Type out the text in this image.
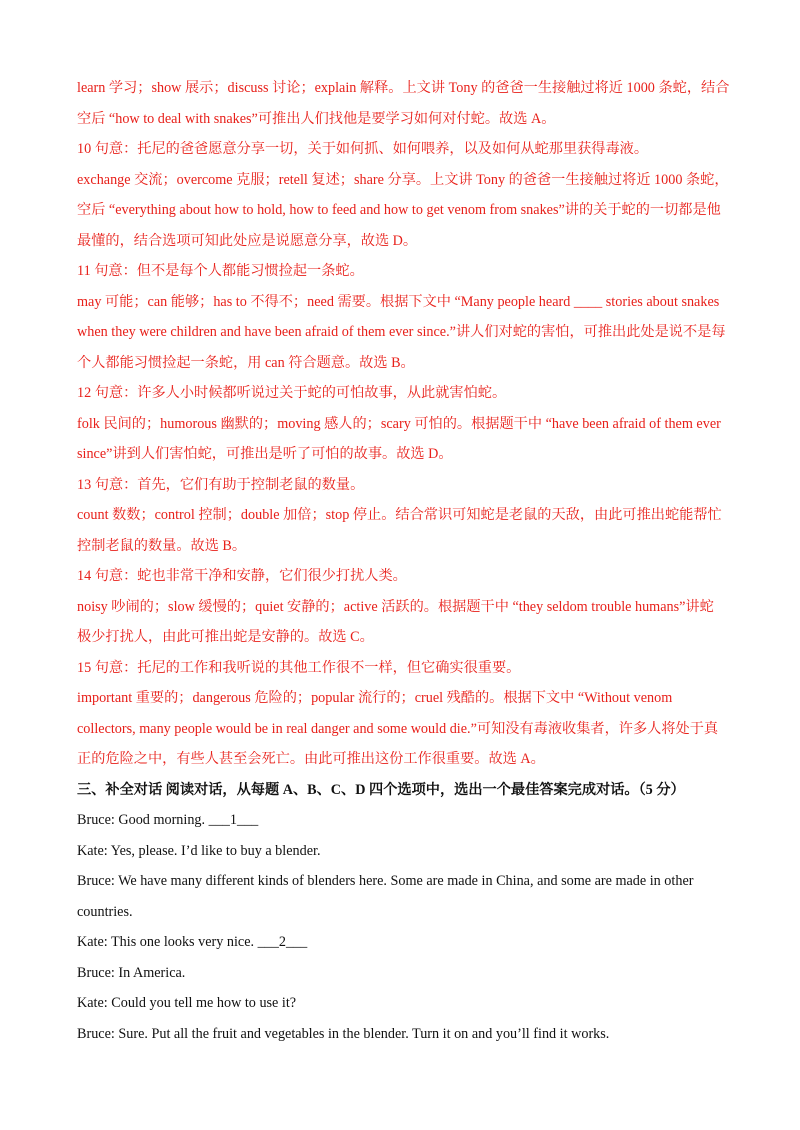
learn 学习；show 展示；discuss 讨论；explain 解释。上文讲 Tony 的爸爸一生接触过将近 1000 条蛇，结合
空后 “how to deal with snakes”可推出人们找他是要学习如何对付蛇。故选 A。
10 句意：托尼的爸爸愿意分享一切，关于如何抓、如何喂养，以及如何从蛇那里获得毒液。
exchange 交流；overcome 克服；retell 复述；share 分享。上文讲 Tony 的爸爸一生接触过将近 1000 条蛇，
空后 “everything about how to hold, how to feed and how to get venom from snakes”讲的关于蛇的一切都是他
最懂的，结合选项可知此处应是说愿意分享，故选 D。
11 句意：但不是每个人都能习惯捡起一条蛇。
may 可能；can 能够；has to 不得不；need 需要。根据下文中 “Many people heard ____ stories about snakes
when they were children and have been afraid of them ever since.”讲人们对蛇的害怕，可推出此处是说不是每
个人都能习惯捡起一条蛇，用 can 符合题意。故选 B。
12 句意：许多人小时候都听说过关于蛇的可怕故事，从此就害怕蛇。
folk 民间的；humorous 幽默的；moving 感人的；scary 可怕的。根据题干中 “have been afraid of them ever
since”讲到人们害怕蛇，可推出是听了可怕的故事。故选 D。
13 句意：首先，它们有助于控制老鼠的数量。
count 数数；control 控制；double 加倍；stop 停止。结合常识可知蛇是老鼠的天敌，由此可推出蛇能帮忙
控制老鼠的数量。故选 B。
14 句意：蛇也非常干净和安静，它们很少打扰人类。
noisy 吵闹的；slow 缓慢的；quiet 安静的；active 活跃的。根据题干中 “they seldom trouble humans”讲蛇
极少打扰人，由此可推出蛇是安静的。故选 C。
15 句意：托尼的工作和我听说的其他工作很不一样，但它确实很重要。
important 重要的；dangerous 危险的；popular 流行的；cruel 残酷的。根据下文中 “Without venom
collectors, many people would be in real danger and some would die.”可知没有毒液收集者，许多人将处于真
正的危险之中，有些人甚至会死亡。由此可推出这份工作很重要。故选 A。
三、补全对话 阅读对话，从每题 A、B、C、D 四个选项中，选出一个最佳答案完成对话。（5 分）
Bruce: Good morning. ___1___
Kate: Yes, please. I’d like to buy a blender.
Bruce: We have many different kinds of blenders here. Some are made in China, and some are made in other
countries.
Kate: This one looks very nice. ___2___
Bruce: In America.
Kate: Could you tell me how to use it?
Bruce: Sure. Put all the fruit and vegetables in the blender. Turn it on and you’ll find it works.
